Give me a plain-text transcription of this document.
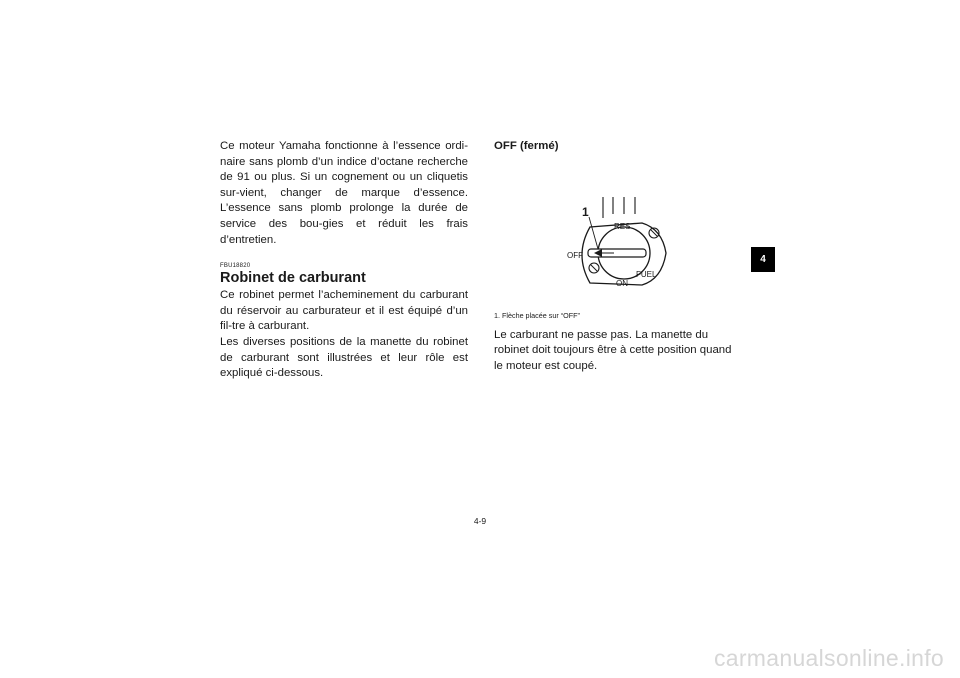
Ce moteur Yamaha fonctionne à l’essence ordi-naire sans plomb d’un indice d’octane recherche de 91 ou plus. Si un cognement ou un cliquetis sur-vient, changer de marque d’essence. L’essence sans plomb prolonge la durée de service des bou-gies et réduit les frais d’entretien.

FBU18820
Robinet de carburant

Ce robinet permet l’acheminement du carburant du réservoir au carburateur et il est équipé d’un fil-tre à carburant.

Les diverses positions de la manette du robinet de carburant sont illustrées et leur rôle est expliqué ci-dessous.

OFF (fermé)
1
RES
OFF
FUEL
ON
1. Flèche placée sur “OFF”

Le carburant ne passe pas. La manette du robinet doit toujours être à cette position quand le moteur est coupé.

4
4-9
carmanualsonline.info
